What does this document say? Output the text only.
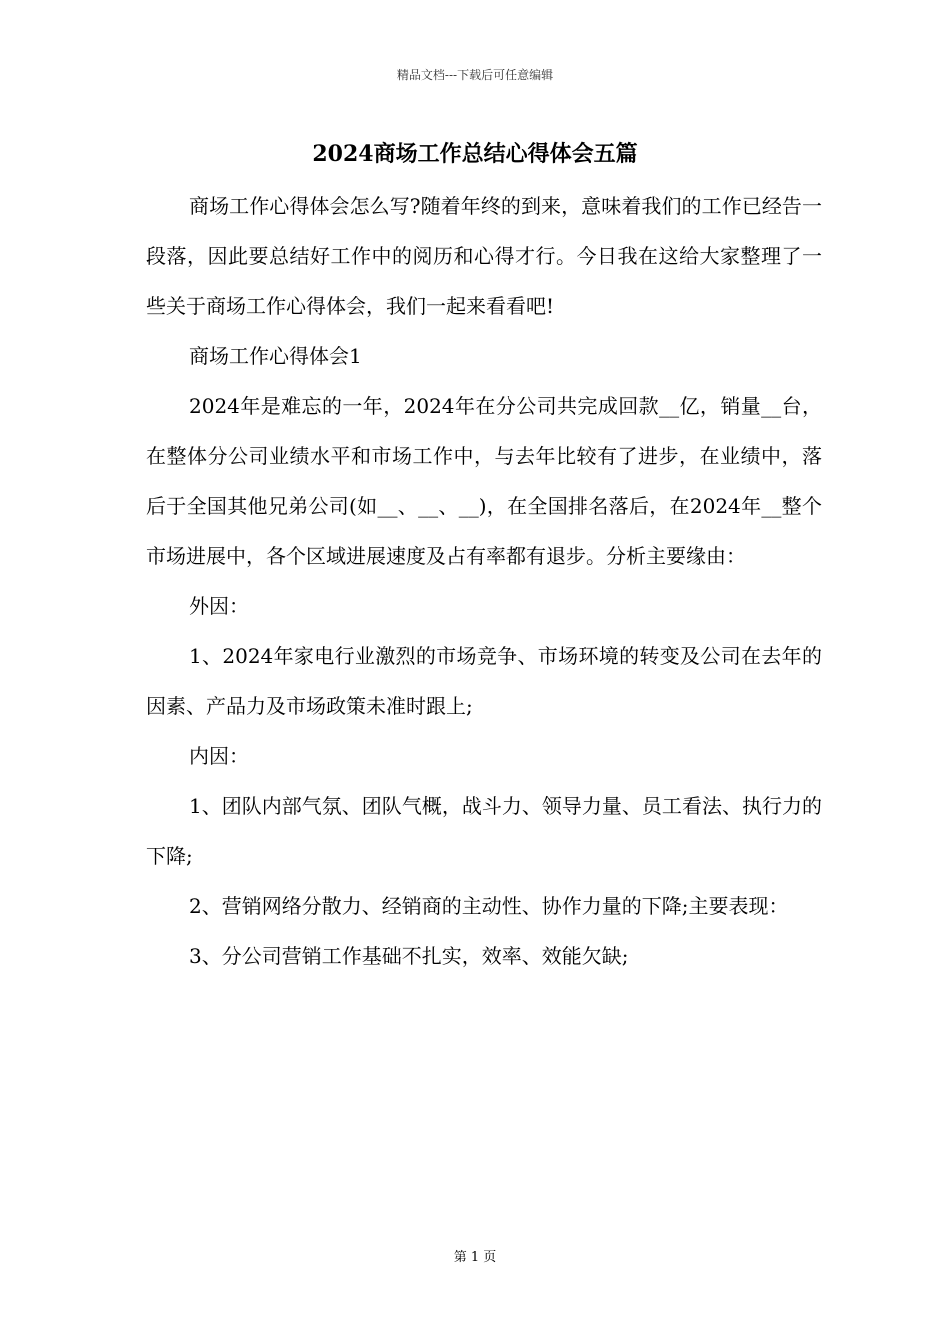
精品文档---下载后可任意编辑
2024商场工作总结心得体会五篇

商场工作心得体会怎么写?随着年终的到来，意味着我们的工作已经告一段落，因此要总结好工作中的阅历和心得才行。今日我在这给大家整理了一些关于商场工作心得体会，我们一起来看看吧!

商场工作心得体会1

2024年是难忘的一年，2024年在分公司共完成回款__亿，销量__台，在整体分公司业绩水平和市场工作中，与去年比较有了进步，在业绩中，落后于全国其他兄弟公司(如__、__、__)，在全国排名落后，在2024年__整个市场进展中，各个区域进展速度及占有率都有退步。分析主要缘由：

外因：

1、2024年家电行业激烈的市场竞争、市场环境的转变及公司在去年的因素、产品力及市场政策未准时跟上;

内因：

1、团队内部气氛、团队气概，战斗力、领导力量、员工看法、执行力的下降;

2、营销网络分散力、经销商的主动性、协作力量的下降;主要表现：

3、分公司营销工作基础不扎实，效率、效能欠缺;

第 1 页
